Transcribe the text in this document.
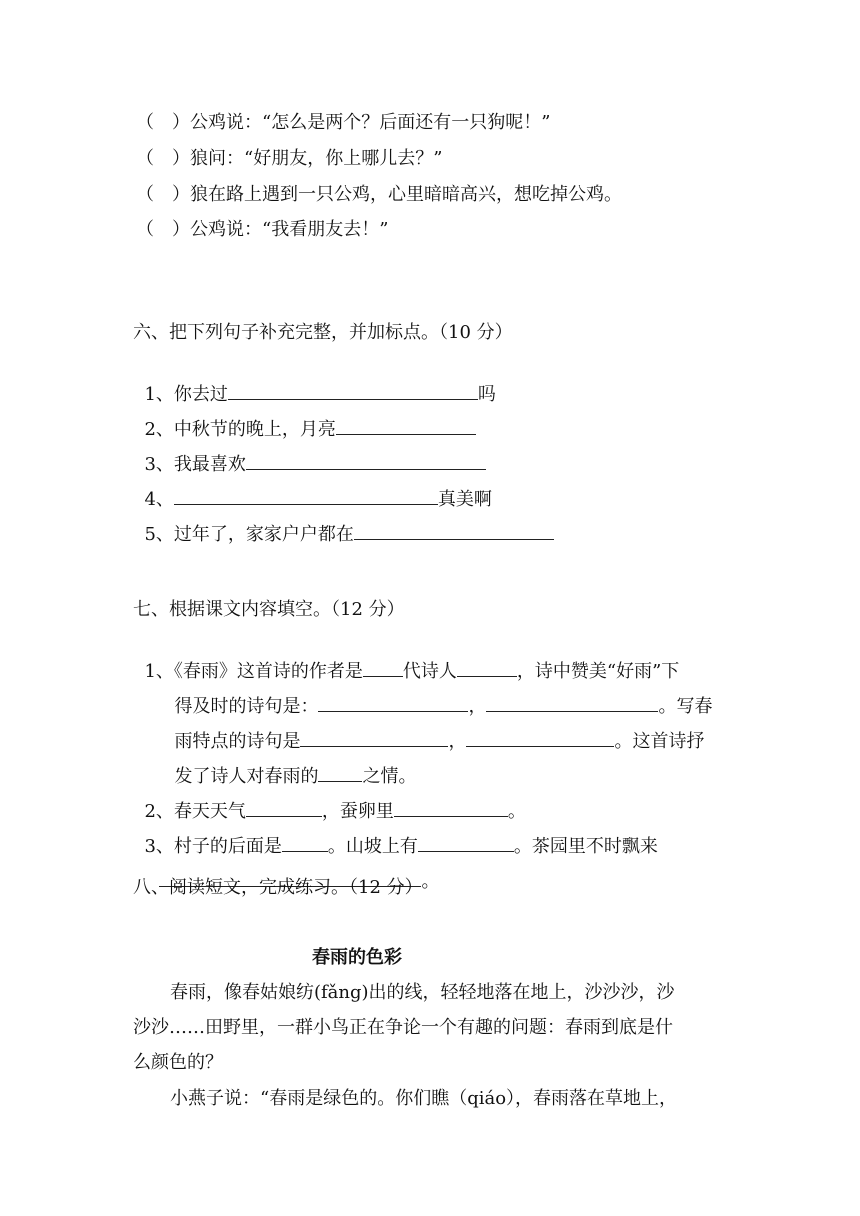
（　）公鸡说：“怎么是两个？后面还有一只狗呢！”
（　）狼问：“好朋友，你上哪儿去？”
（　）狼在路上遇到一只公鸡，心里暗暗高兴，想吃掉公鸡。
（　）公鸡说：“我看朋友去！”
六、把下列句子补充完整，并加标点。（10 分）

1、你去过	吗

2、中秋节的晚上，月亮

3、我最喜欢

4、	真美啊

5、过年了，家家户户都在

七、根据课文内容填空。（12 分）

1、《春雨》这首诗的作者是 代诗人	，诗中赞美“好雨”下

得及时的诗句是：	，	。写春

雨特点的诗句是	，	。这首诗抒

发了诗人对春雨的 之情。

2、春天天气	，蚕卵里	。

3、村子的后面是	。山坡上有	。茶园里不时飘来

。

八、阅读短文，完成练习。（12 分）
春雨的色彩
春雨，像春姑娘纺(fǎng)出的线，轻轻地落在地上，沙沙沙，沙
沙沙……田野里，一群小鸟正在争论一个有趣的问题：春雨到底是什
么颜色的？
小燕子说：“春雨是绿色的。你们瞧（qiáo），春雨落在草地上，
